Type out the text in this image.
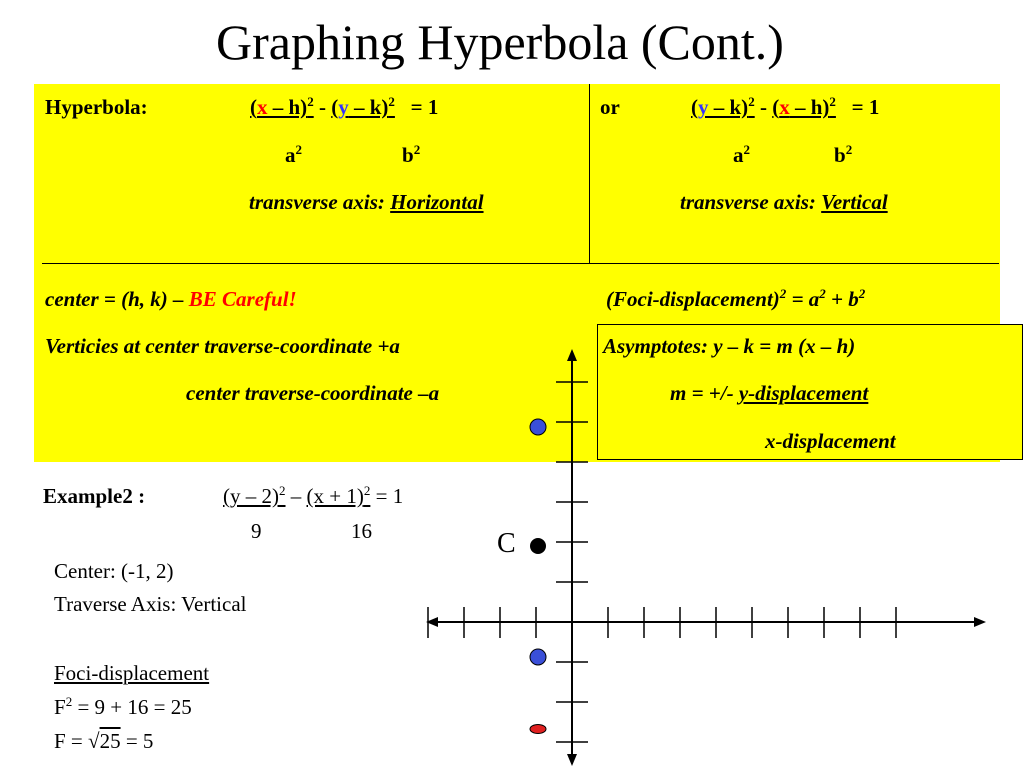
Graphing Hyperbola (Cont.)
Hyperbola:	(x – h)$^2$ - (y – k)$^2$ = 1
$a^2$	$b^2$
transverse axis: Horizontal
or	(y – k)$^2$ - (x – h)$^2$ = 1
$a^2$	$b^2$
transverse axis: Vertical
center = (h, k) – BE Careful!	(Foci-displacement)$^2$ = $a^2 + b^2$
Verticies at center traverse-coordinate +a
center traverse-coordinate –a
Asymptotes: y – k = m (x – h)
m = +/- y-displacement
x-displacement
Example2 :	$(y - 2)^2 - (x + 1)^2 = 1$
9	16
Center: (-1, 2)
Traverse Axis: Vertical
Foci-displacement
$F^2 = 9 + 16 = 25$
F = √25 = 5
C
